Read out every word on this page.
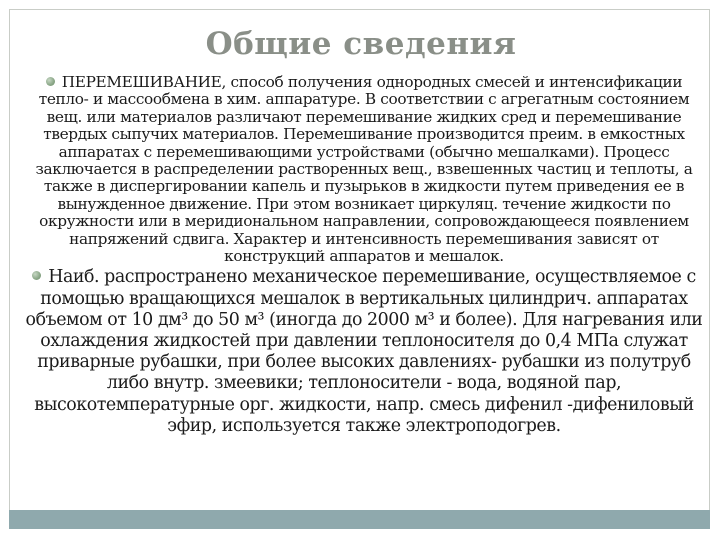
Общие сведения
ПЕРЕМЕШИВАНИЕ, способ получения однородных смесей и интенсификации тепло- и массообмена в хим. аппаратуре. В соответствии с агрегатным состоянием вещ. или материалов различают перемешивание жидких сред и перемешивание твердых сыпучих материалов. Перемешивание производится преим. в емкостных аппаратах с перемешивающими устройствами (обычно мешалками). Процесс заключается в распределении растворенных вещ., взвешенных частиц и теплоты, а также в диспергировании капель и пузырьков в жидкости путем приведения ее в вынужденное движение. При этом возникает циркуляц. течение жидкости по окружности или в меридиональном направлении, сопровождающееся появлением напряжений сдвига. Характер и интенсивность перемешивания зависят от конструкций аппаратов и мешалок.
Наиб. распространено механическое перемешивание, осуществляемое с помощью вращающихся мешалок в вертикальных цилиндрич. аппаратах объемом от 10 дм³ до 50 м³ (иногда до 2000 м³ и более). Для нагревания или охлаждения жидкостей при давлении теплоносителя до 0,4 МПа служат приварные рубашки, при более высоких давлениях- рубашки из полутруб либо внутр. змеевики; теплоносители - вода, водяной пар, высокотемпературные орг. жидкости, напр. смесь дифенил -дифениловый эфир, используется также электроподогрев.
